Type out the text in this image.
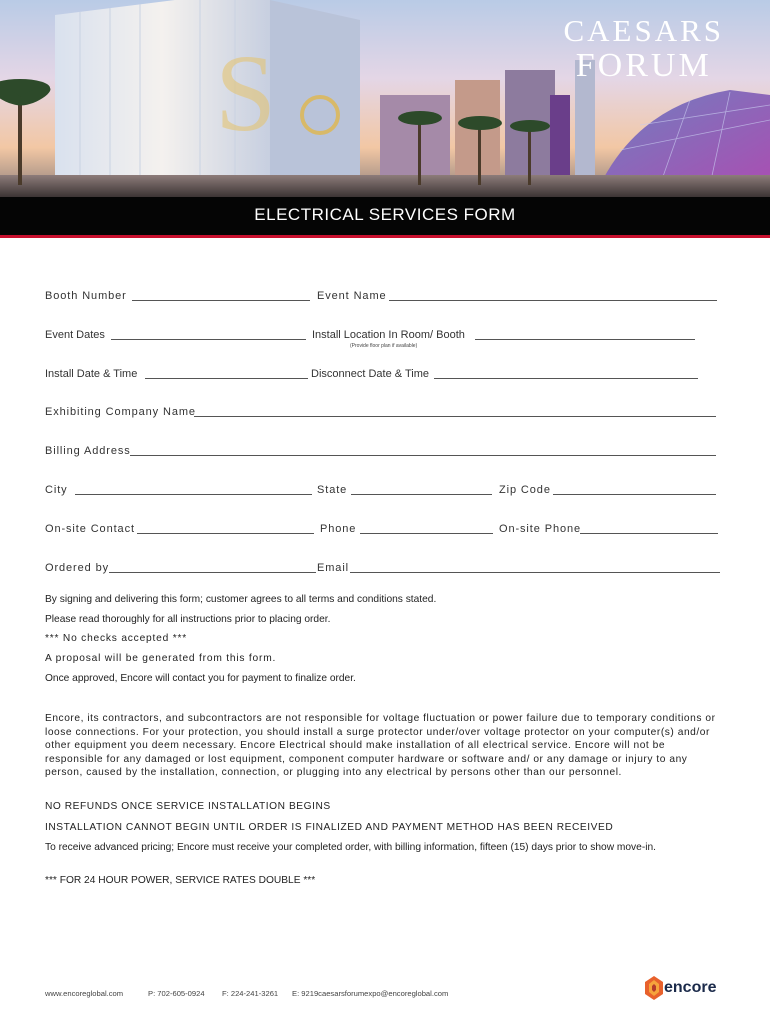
S
CAESARS
FORUM
ELECTRICAL SERVICES FORM
Booth Number	Event Name
Event Dates	Install Location In Room/ Booth
(Provide floor plan if available)
Install Date & Time	Disconnect Date & Time
Exhibiting Company Name
Billing Address
City	State	Zip Code
On-site Contact	Phone	On-site Phone
Ordered by	Email
By signing and delivering this form; customer agrees to all terms and conditions stated.
Please read thoroughly for all instructions prior to placing order.
*** No checks accepted ***
A proposal will be generated from this form.
Once approved, Encore will contact you for payment to finalize order.
Encore, its contractors, and subcontractors are not responsible for voltage fluctuation or power failure due to temporary conditions or loose connections. For your protection, you should install a surge protector under/over voltage protector on your computer(s) and/or other equipment you deem necessary. Encore Electrical should make installation of all electrical service. Encore will not be responsible for any damaged or lost equipment, component computer hardware or software and/ or any damage or injury to any person, caused by the installation, connection, or plugging into any electrical by persons other than our personnel.
NO REFUNDS ONCE SERVICE INSTALLATION BEGINS
INSTALLATION CANNOT BEGIN UNTIL ORDER IS FINALIZED AND PAYMENT METHOD HAS BEEN RECEIVED
To receive advanced pricing; Encore must receive your completed order, with billing information, fifteen (15) days prior to show move-in.
*** FOR 24 HOUR POWER, SERVICE RATES DOUBLE ***
www.encoreglobal.com	P: 702-605-0924 F: 224-241-3261 E: 9219caesarsforumexpo@encoreglobal.com	encore
